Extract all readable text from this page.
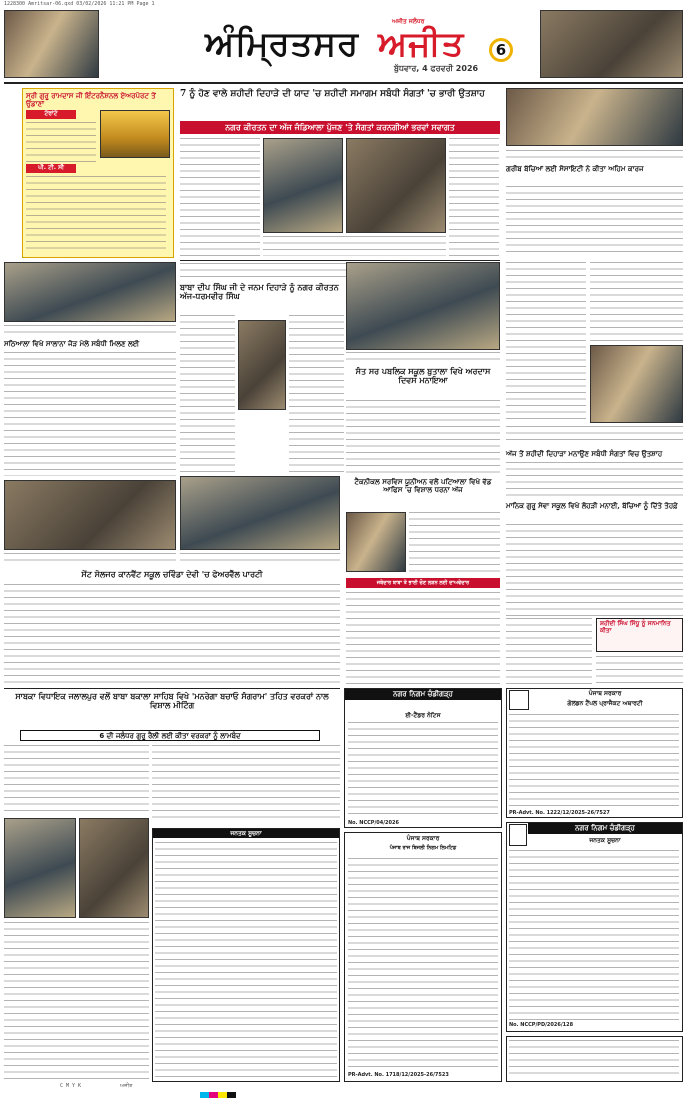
1228300 Amritsar-06.qxd 03/02/2026 11:21 PM Page 1
ਅੰਮ੍ਰਿਤਸਰ ਅਜੀਤ
ਅਜੀਤ ਜਲੰਧਰ
ਬੁੱਧਵਾਰ, 4 ਫਰਵਰੀ 2026
6
ਸ੍ਰੀ ਗੁਰੂ ਰਾਮਦਾਸ ਜੀ ਇੰਟਰਨੈਸ਼ਨਲ ਏਅਰਪੋਰਟ ਤੋਂ ਉਡਾਣਾਂ
ਟੋਰਾਂਟੋ
ਪੀ. ਟੀ. ਸੀ
7 ਨੂੰ ਹੋਣ ਵਾਲੇ ਸ਼ਹੀਦੀ ਦਿਹਾੜੇ ਦੀ ਯਾਦ 'ਚ ਸ਼ਹੀਦੀ ਸਮਾਗਮ ਸਬੰਧੀ ਸੰਗਤਾਂ 'ਚ ਭਾਰੀ ਉਤਸ਼ਾਹ
ਨਗਰ ਕੀਰਤਨ ਦਾ ਅੱਜ ਜੰਡਿਆਲਾ ਪੁੱਜਣ 'ਤੇ ਸੰਗਤਾਂ ਕਰਨਗੀਆਂ ਭਰਵਾਂ ਸਵਾਗਤ
ਗਰੀਬ ਬੱਚਿਆਂ ਲਈ ਸੋਸਾਇਟੀ ਨੇ ਕੀਤਾ ਅਹਿਮ ਕਾਰਜ
ਸਠਿਆਲਾ ਵਿਖੇ ਸਾਲਾਨਾ ਜੋੜ ਮੇਲੇ ਸਬੰਧੀ ਮਿਲਣ ਲਈ
ਬਾਬਾ ਦੀਪ ਸਿੰਘ ਜੀ ਦੇ ਜਨਮ ਦਿਹਾੜੇ ਨੂੰ ਨਗਰ ਕੀਰਤਨ ਅੱਜ-ਧਰਮਵੀਰ ਸਿੰਘ
ਸੰਤ ਸਰ ਪਬਲਿਕ ਸਕੂਲ ਬੁਤਾਲਾ ਵਿਖੇ ਅਰਦਾਸ ਦਿਵਸ ਮਨਾਇਆ
ਅੱਜ ਤੋਂ ਸ਼ਹੀਦੀ ਦਿਹਾੜਾ ਮਨਾਉਣ ਸਬੰਧੀ ਸੰਗਤਾਂ ਵਿਚ ਉਤਸ਼ਾਹ
ਟੈਕਨੀਕਲ ਸਰਵਿਸ ਯੂਨੀਅਨ ਵਲੋਂ ਪਟਿਆਲਾ ਵਿਖੇ ਵੱਡ ਆਫਿਸ 'ਚ ਵਿਸ਼ਾਲ ਧਰਨਾ ਅੱਜ
ਜਥੇਦਾਰ ਬਾਬਾ ਤੇ ਭਾਈ ਚੋਣ ਲੜਨ ਲਈ ਦਾਅਵੇਦਾਰ
ਸੇਂਟ ਸੋਲਜਰ ਕਾਨਵੈਂਟ ਸਕੂਲ ਚਵਿੰਡਾ ਦੇਵੀ 'ਚ ਫੇਅਰਵੈੱਲ ਪਾਰਟੀ
ਮਾਨਿਕ ਗੁਰੂ ਸੇਵਾ ਸਕੂਲ ਵਿਖੇ ਲੋਹੜੀ ਮਨਾਈ, ਬੱਚਿਆਂ ਨੂੰ ਦਿੱਤੇ ਤੋਹਫ਼ੇ
ਸ਼ਹੀਦੀ ਸਿੰਘ ਸਿੱਧੂ ਨੂੰ ਸਨਮਾਨਿਤ ਕੀਤਾ
ਸਾਬਕਾ ਵਿਧਾਇਕ ਜਲਾਲਪੁਰ ਵਲੋਂ ਬਾਬਾ ਬਕਾਲਾ ਸਾਹਿਬ ਵਿਖੇ 'ਮਨਰੇਗਾ ਬਚਾਓ ਸੰਗਰਾਮ' ਤਹਿਤ ਵਰਕਰਾਂ ਨਾਲ ਵਿਸ਼ਾਲ ਮੀਟਿੰਗ
6 ਦੀ ਜਲੰਧਰ ਗੁਰੂ ਰੈਲੀ ਲਈ ਕੀਤਾ ਵਰਕਰਾਂ ਨੂੰ ਲਾਮਬੰਦ
ਜਨਤਕ ਸੂਚਨਾ
ਨਗਰ ਨਿਗਮ ਚੰਡੀਗੜ੍ਹ
ਈ-ਟੈਂਡਰ ਨੋਟਿਸ
No. NCCP/04/2026
ਪੰਜਾਬ ਸਰਕਾਰ
ਗੋਲਡਨ ਟੈਂਪਲ ਪ੍ਰਾਜੈਕਟ ਅਥਾਰਟੀ
PR-Advt. No. 1222/12/2025-26/7527
ਨਗਰ ਨਿਗਮ ਚੰਡੀਗੜ੍ਹ
ਜਨਤਕ ਸੂਚਨਾ
No. NCCP/PD/2026/128
ਪੰਜਾਬ ਸਰਕਾਰ
ਪੰਜਾਬ ਰਾਜ ਬਿਜਲੀ ਨਿਗਮ ਲਿਮਟਿਡ
PR-Advt. No. 1718/12/2025-26/7523
C M Y K	ਅਜੀਤ
